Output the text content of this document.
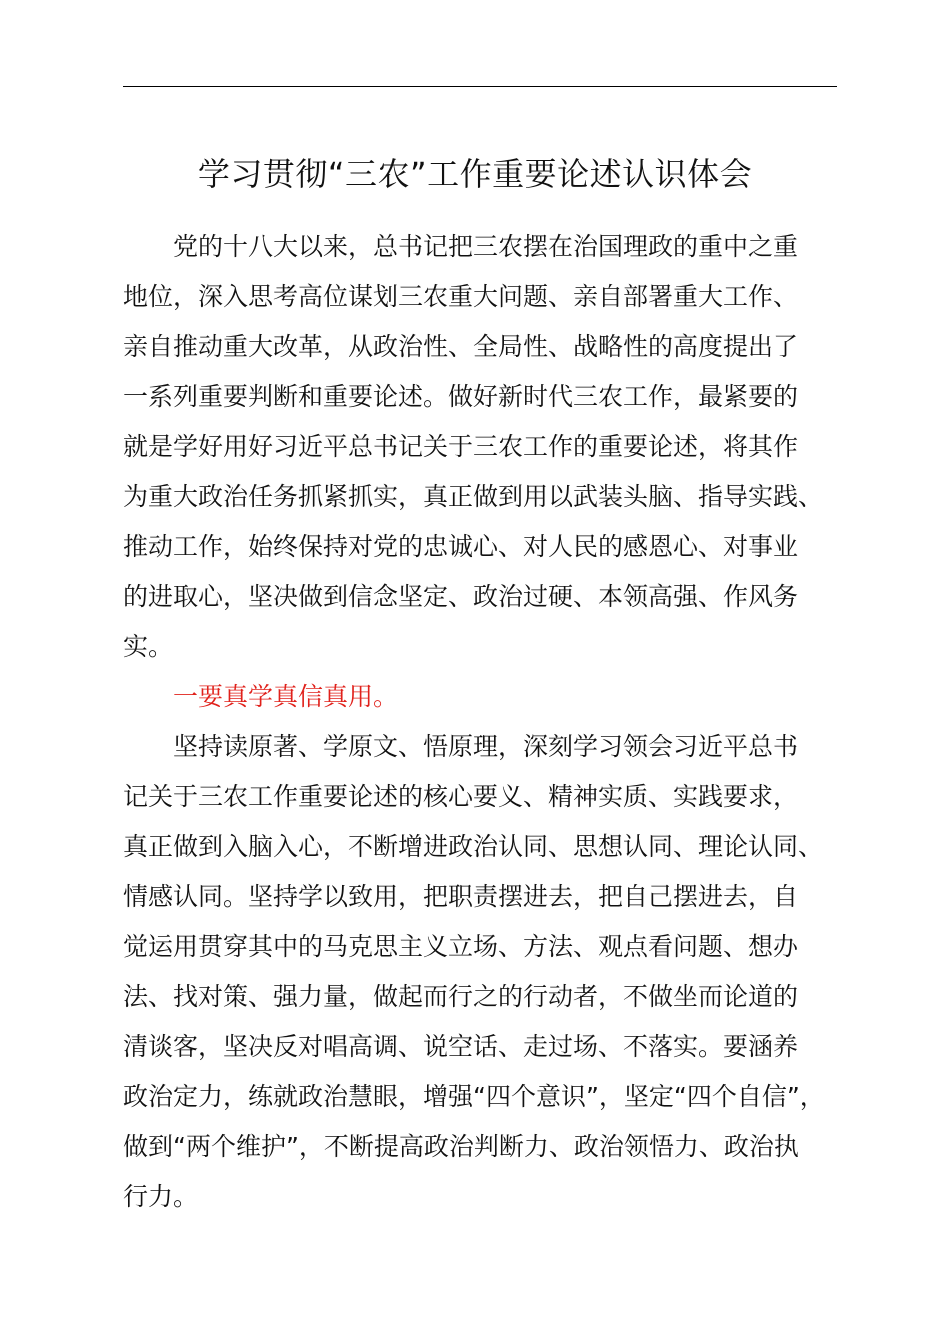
学习贯彻“三农”工作重要论述认识体会
党的十八大以来，总书记把三农摆在治国理政的重中之重
地位，深入思考高位谋划三农重大问题、亲自部署重大工作、
亲自推动重大改革，从政治性、全局性、战略性的高度提出了
一系列重要判断和重要论述。做好新时代三农工作，最紧要的
就是学好用好习近平总书记关于三农工作的重要论述，将其作
为重大政治任务抓紧抓实，真正做到用以武装头脑、指导实践、
推动工作，始终保持对党的忠诚心、对人民的感恩心、对事业
的进取心，坚决做到信念坚定、政治过硬、本领高强、作风务
实。
一要真学真信真用。
坚持读原著、学原文、悟原理，深刻学习领会习近平总书
记关于三农工作重要论述的核心要义、精神实质、实践要求，
真正做到入脑入心，不断增进政治认同、思想认同、理论认同、
情感认同。坚持学以致用，把职责摆进去，把自己摆进去，自
觉运用贯穿其中的马克思主义立场、方法、观点看问题、想办
法、找对策、强力量，做起而行之的行动者，不做坐而论道的
清谈客，坚决反对唱高调、说空话、走过场、不落实。要涵养
政治定力，练就政治慧眼，增强“四个意识”，坚定“四个自信”，
做到“两个维护”，不断提高政治判断力、政治领悟力、政治执
行力。
